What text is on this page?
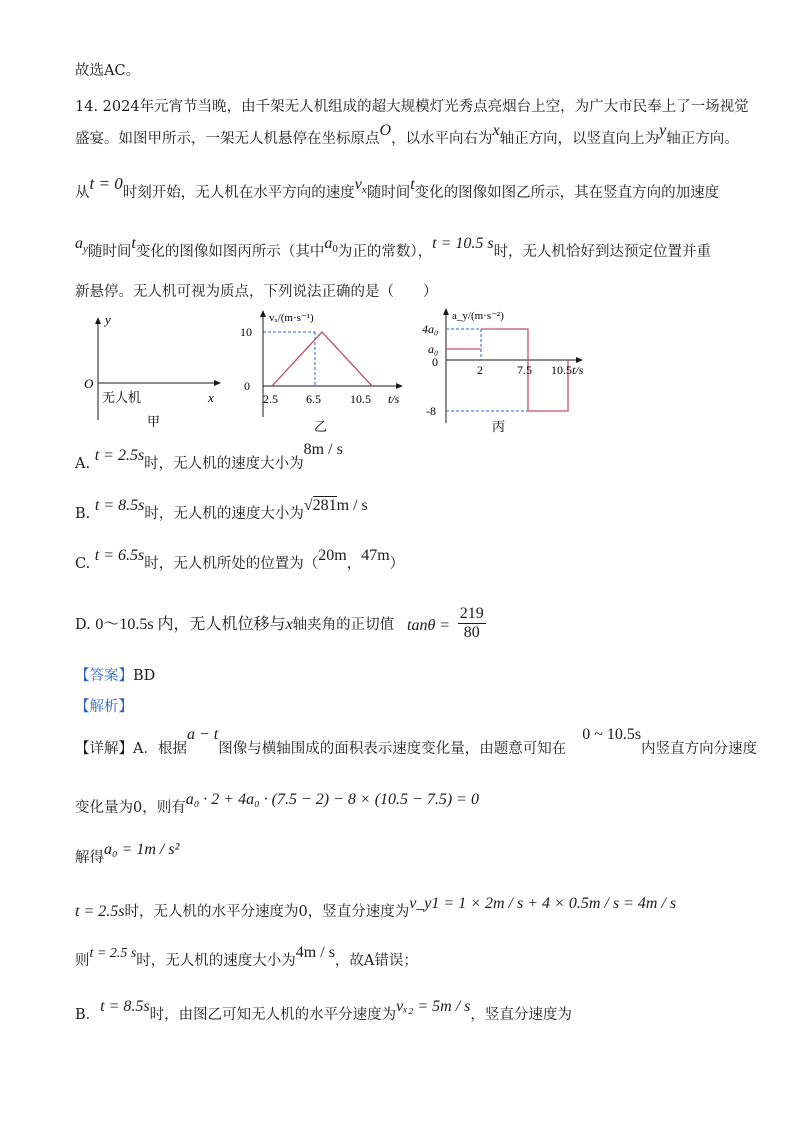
故选AC。
14. 2024年元宵节当晚，由千架无人机组成的超大规模灯光秀点亮烟台上空，为广大市民奉上了一场视觉
盛宴。如图甲所示，一架无人机悬停在坐标原点O，以水平向右为x轴正方向，以竖直向上为y轴正方向。
从t = 0时刻开始，无人机在水平方向的速度$v_x$随时间t变化的图像如图乙所示，其在竖直方向的加速度
$a_y$随时间t变化的图像如图丙所示（其中$a_0$为正的常数），t = 10.5 s时，无人机恰好到达预定位置并重
新悬停。无人机可视为质点，下列说法正确的是（　　）
y
O
无人机	x
甲
vₓ/(m·s⁻¹)
10
0
2.5 6.5 10.5 t/s
乙
a_y/(m·s⁻²)
4a₀
a₀
0
-8
2	7.5 10.5 t/s
丙
A. t = 2.5s时，无人机的速度大小为8m / s
B. t = 8.5s时，无人机的速度大小为√281m / s
C. t = 6.5s时，无人机所处的位置为（20m，47m）
D. 0～10.5s 内，无人机位移与x轴夹角的正切值 $\tan\theta = \frac{219}{80}$
【答案】BD
【解析】
【详解】A．根据a − t图像与横轴围成的面积表示速度变化量，由题意可知在0 ~ 10.5s内竖直方向分速度
变化量为0，则有a₀ · 2 + 4a₀ · (7.5 − 2) − 8 × (10.5 − 7.5) = 0
解得a₀ = 1m / s²
t = 2.5s时，无人机的水平分速度为0，竖直分速度为v_y1 = 1 × 2m / s + 4 × 0.5m / s = 4m / s
则t = 2.5 s时，无人机的速度大小为4m / s，故A错误；
B．t = 8.5s时，由图乙可知无人机的水平分速度为vₓ₂ = 5m / s，竖直分速度为
